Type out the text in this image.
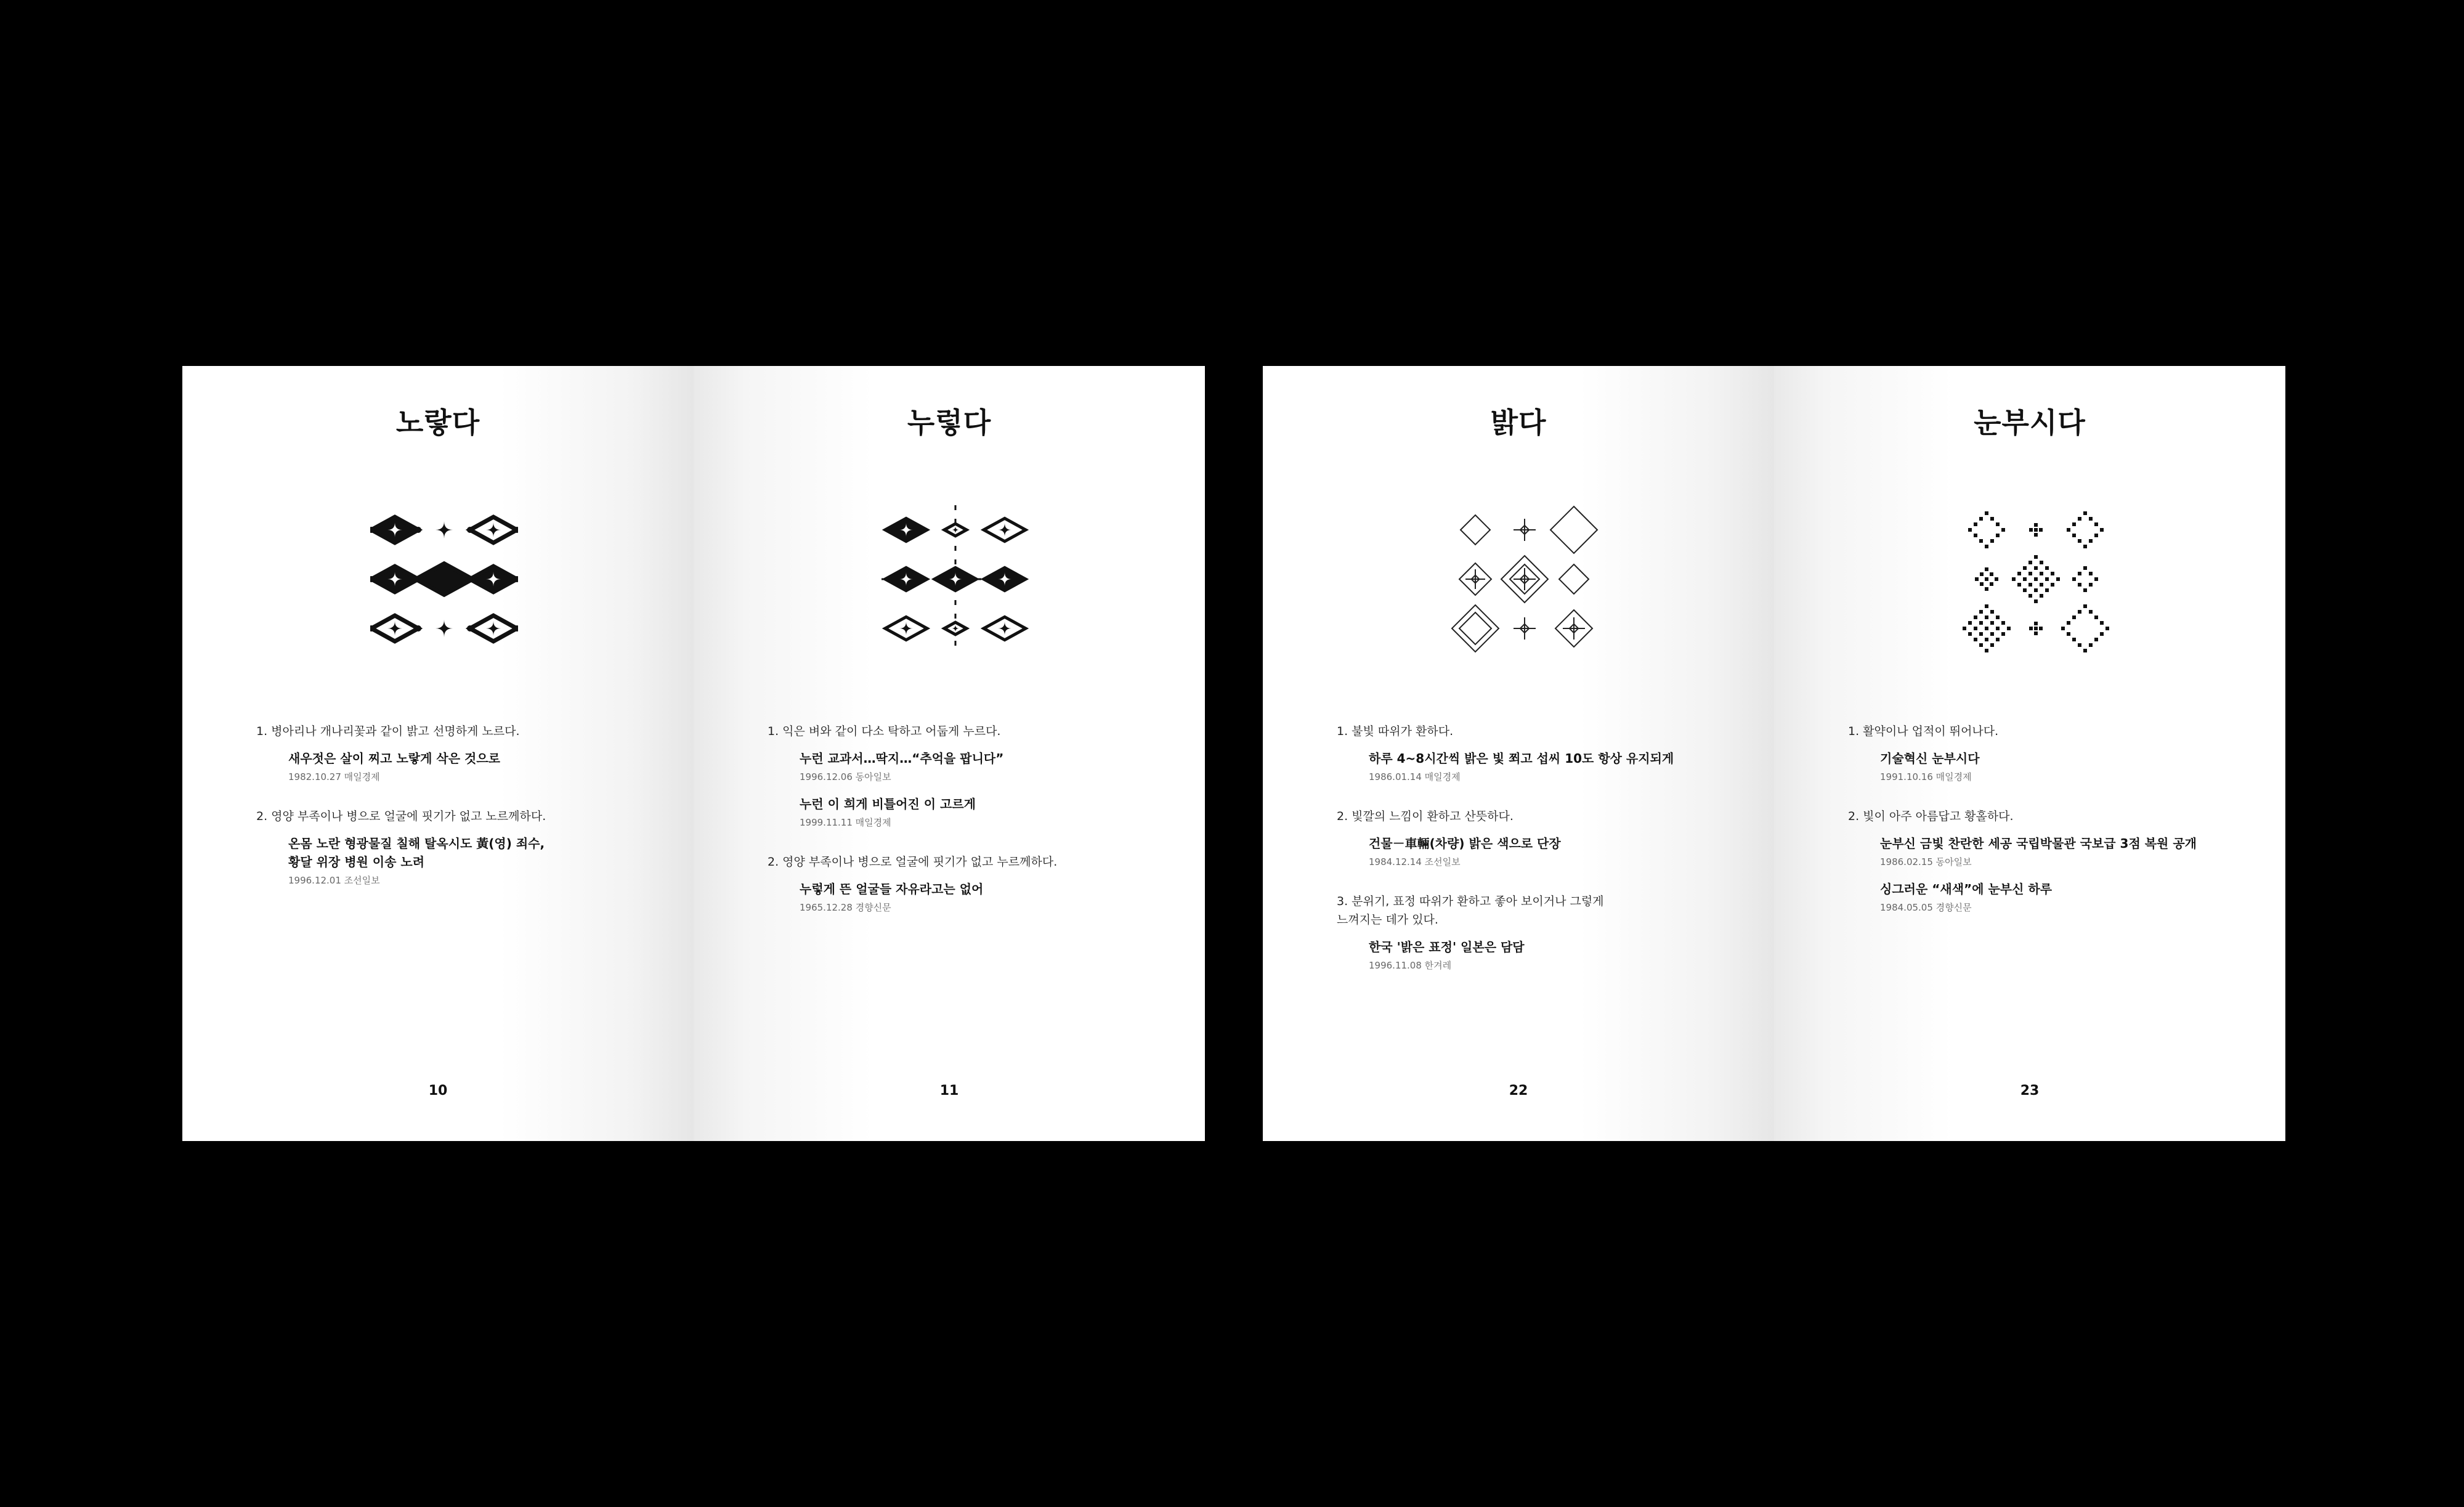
노랗다
1. 병아리나 개나리꽃과 같이 밝고 선명하게 노르다.
새우젓은 살이 찌고 노랗게 삭은 것으로
1982.10.27 매일경제
2. 영양 부족이나 병으로 얼굴에 핏기가 없고 노르께하다.
온몸 노란 형광물질 칠해 탈옥시도 黃(영) 죄수,
황달 위장 병원 이송 노려
1996.12.01 조선일보
10
누렇다
1. 익은 벼와 같이 다소 탁하고 어둡게 누르다.
누런 교과서…딱지…“추억을 팝니다”
1996.12.06 동아일보
누런 이 희게 비틀어진 이 고르게
1999.11.11 매일경제
2. 영양 부족이나 병으로 얼굴에 핏기가 없고 누르께하다.
누렇게 뜬 얼굴들 자유라고는 없어
1965.12.28 경향신문
11
밝다
1. 불빛 따위가 환하다.
하루 4~8시간씩 밝은 빛 쬐고 섭씨 10도 항상 유지되게
1986.01.14 매일경제
2. 빛깔의 느낌이 환하고 산뜻하다.
건물－車輛(차량) 밝은 색으로 단장
1984.12.14 조선일보
3. 분위기, 표정 따위가 환하고 좋아 보이거나 그렇게
느껴지는 데가 있다.
한국 '밝은 표정' 일본은 담담
1996.11.08 한겨레
22
눈부시다
1. 활약이나 업적이 뛰어나다.
기술혁신 눈부시다
1991.10.16 매일경제
2. 빛이 아주 아름답고 황홀하다.
눈부신 금빛 찬란한 세공 국립박물관 국보급 3점 복원 공개
1986.02.15 동아일보
싱그러운 “새색”에 눈부신 하루
1984.05.05 경향신문
23
